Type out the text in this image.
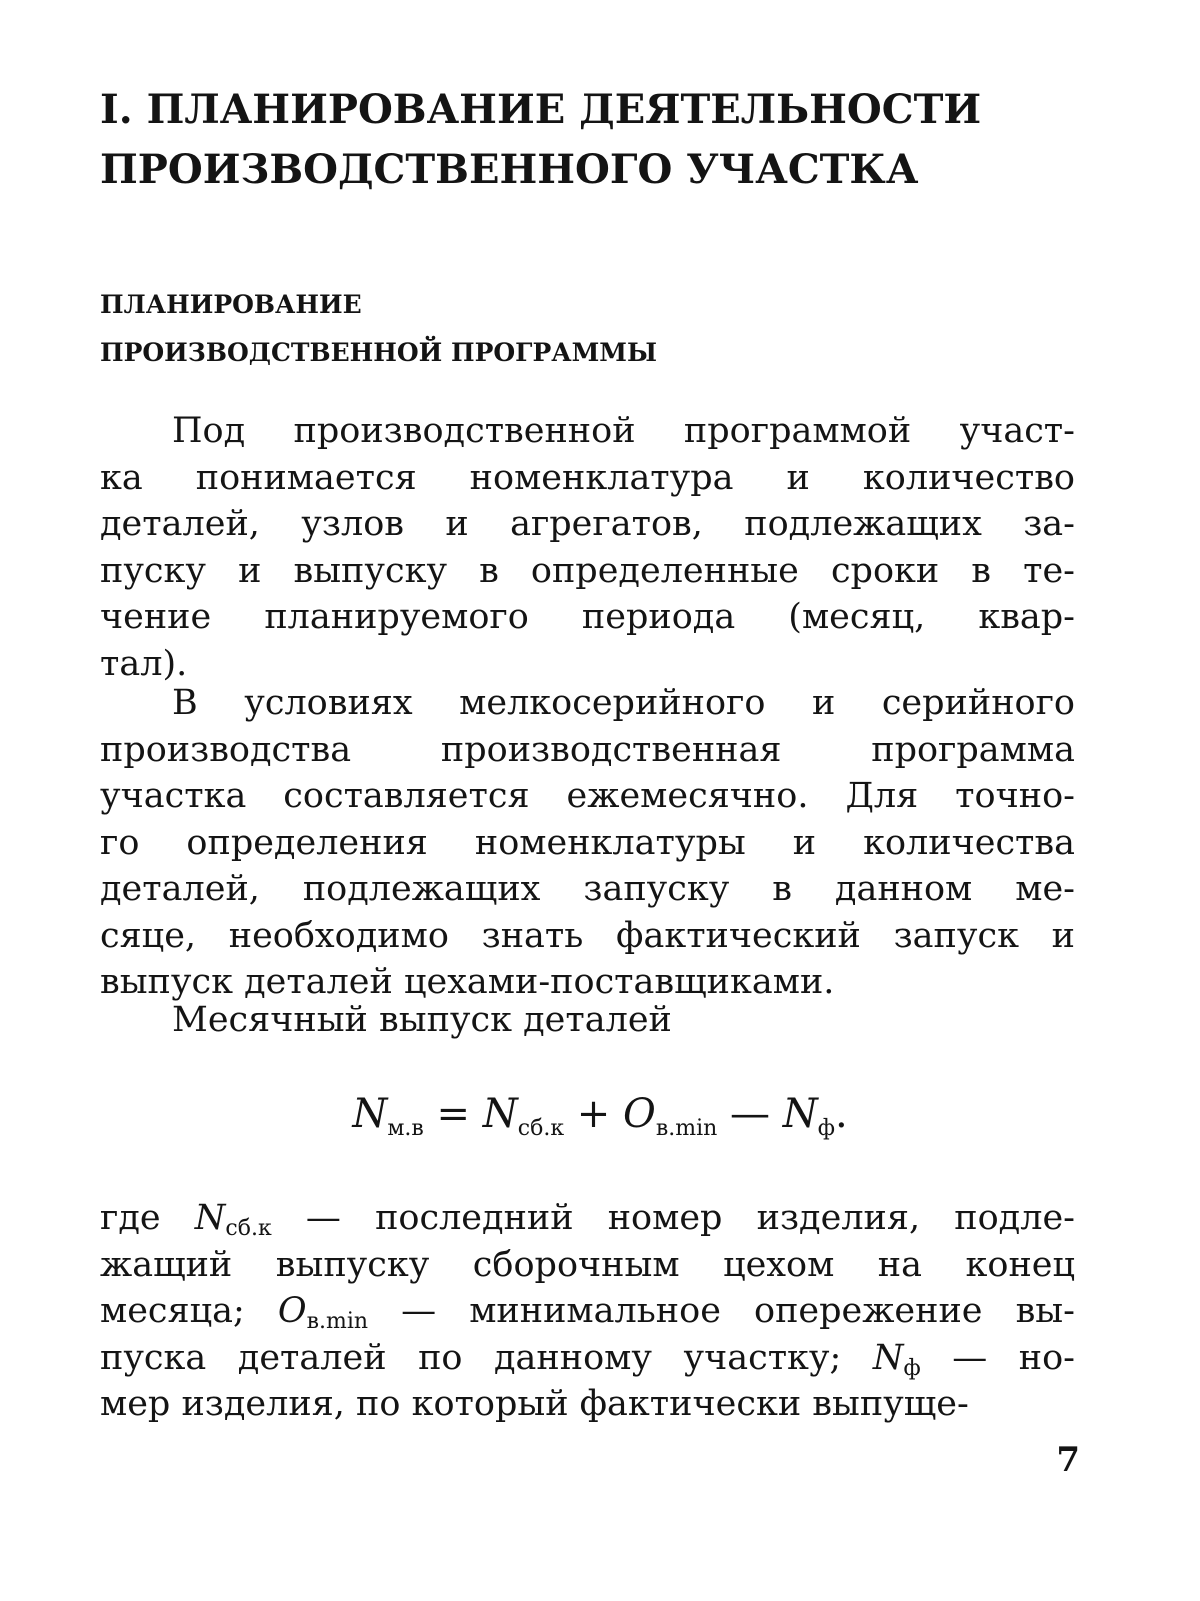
I. ПЛАНИРОВАНИЕ ДЕЯТЕЛЬНОСТИ
ПРОИЗВОДСТВЕННОГО УЧАСТКА
ПЛАНИРОВАНИЕ
ПРОИЗВОДСТВЕННОЙ ПРОГРАММЫ

Под производственной программой участ-
ка понимается номенклатура и количество
деталей, узлов и агрегатов, подлежащих за-
пуску и выпуску в определенные сроки в те-
чение планируемого периода (месяц, квар-
тал).

В условиях мелкосерийного и серийного
производства производственная программа
участка составляется ежемесячно. Для точно-
го определения номенклатуры и количества
деталей, подлежащих запуску в данном ме-
сяце, необходимо знать фактический запуск и
выпуск деталей цехами-поставщиками.

Месячный выпуск деталей

$N_{м.в} = N_{сб.к} + O_{в.min}$ — $N_ф$.

где $N_{сб.к}$ — последний номер изделия, подле-
жащий выпуску сборочным цехом на конец
месяца; $O_{в.min}$ — минимальное опережение вы-
пуска деталей по данному участку; $N_ф$ — но-
мер изделия, по который фактически выпуще-

7
